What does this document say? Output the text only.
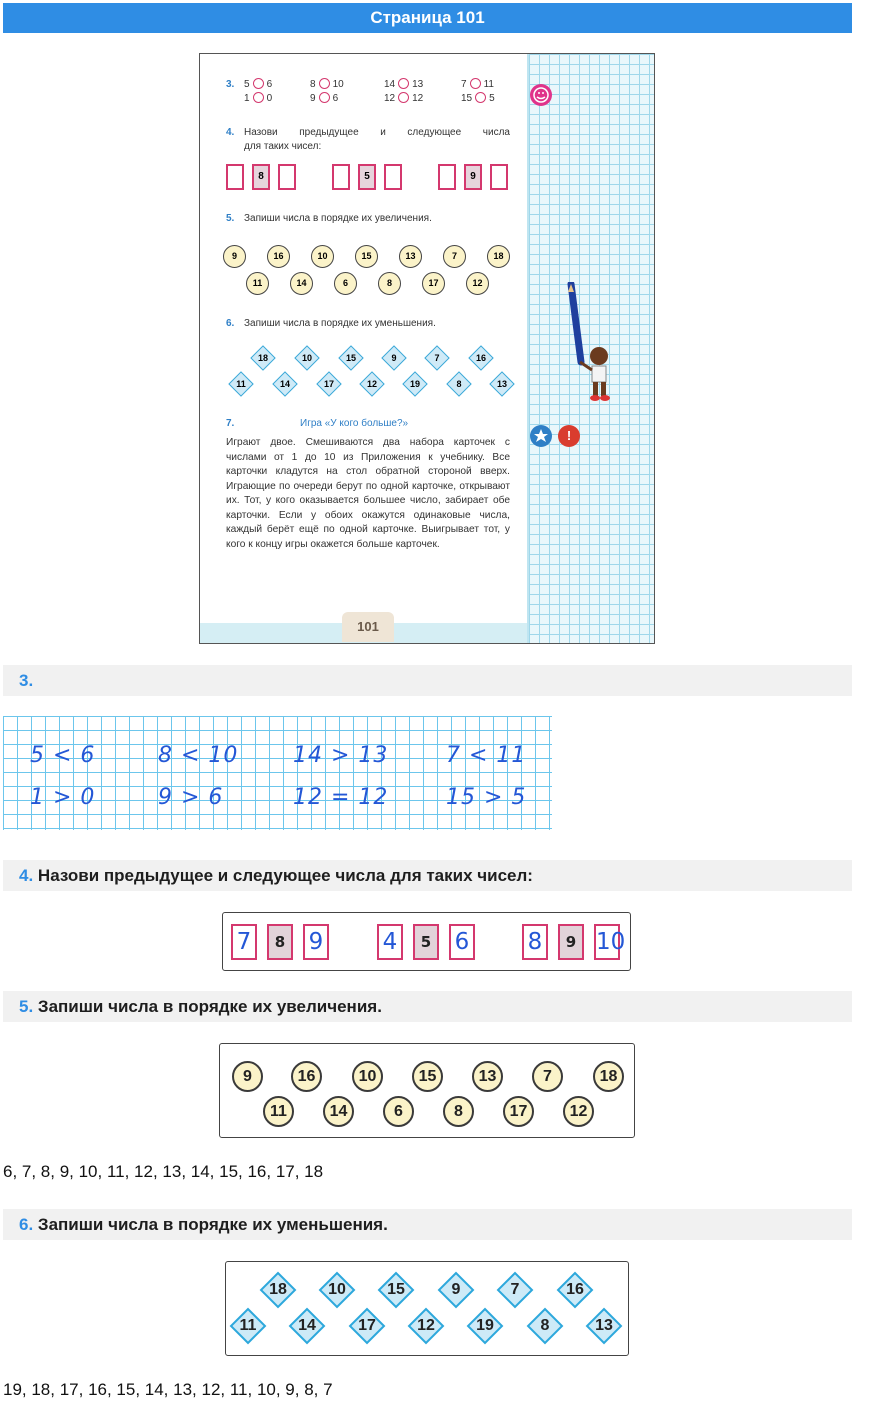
Страница 101
101
!
3. 5 6	8 10	14 13	7 11
1 0	9 6	12 12	15 5
4. Назови предыдущее и следующее числа
для таких чисел:
8	5	9
5. Запиши числа в порядке их увеличения.
9	16	10	15	13	7	18
11	14	6	8	17	12
6. Запиши числа в порядке их уменьшения.
18	10	15	9	7	16
11	14	17	12	19	8	13
7.	Игра «У кого больше?»
Играют двое. Смешиваются два набора карточек с числами от 1 до 10 из Приложения к учебнику. Все карточки кладутся на стол обратной стороной вверх. Играющие по очереди берут по одной карточке, открывают их. Тот, у кого оказывается большее число, забирает обе карточки. Если у обоих окажутся одинаковые числа, каждый берёт ещё по одной карточке. Выигрывает тот, у кого к концу игры окажется больше карточек.
3.
5 < 6	8 < 10 14 > 13	7 < 11
1 > 0	9 > 6	12 = 12	15 > 5
4. Назови предыдущее и следующее числа для таких чисел:
7	8	9	4	5	6	8	9 10
5. Запиши числа в порядке их увеличения.
9	16	10	15	13	7	18
11	14	6	8	17	12
6, 7, 8, 9, 10, 11, 12, 13, 14, 15, 16, 17, 18
6. Запиши числа в порядке их уменьшения.
18	10	15	9	7	16
11	14	17	12	19	8	13
19, 18, 17, 16, 15, 14, 13, 12, 11, 10, 9, 8, 7
